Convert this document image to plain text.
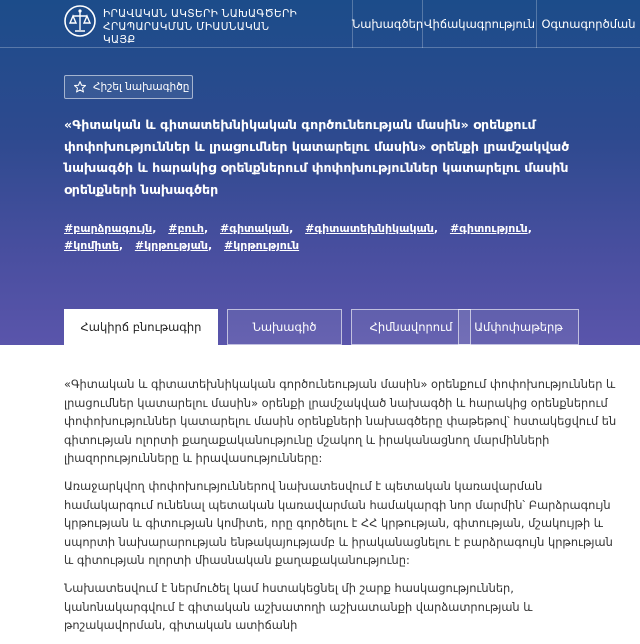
ԻՐԱՎԱԿԱՆ ԱԿՏԵՐԻ ՆԱԽԱԳԾԵՐԻ
ՀՐԱՊԱՐԱԿՄԱՆ ՄԻԱՍՆԱԿԱՆ
ԿԱՅՔ
Նախագծեր Վիճակագրություն Օգտագործման
Հիշել նախագիծը
«Գիտական և գիտատեխնիկական գործունեության մասին» օրենքում փոփոխություններ և լրացումներ կատարելու մասին» օրենքի լրամշակված նախագծի և հարակից օրենքներում փոփոխություններ կատարելու մասին օրենքների նախագծեր
#բարձրագույն, #բուհ, #գիտական, #գիտատեխնիկական, #գիտություն, #կոմիտե, #կրթության, #կրթություն
Հակիրճ բնութագիր	Նախագիծ	Հիմնավորում	Ամփոփաթերթ

«Գիտական և գիտատեխնիկական գործունեության մասին» օրենքում փոփոխություններ և լրացումներ կատարելու մասին» օրենքի լրամշակված նախագծի և հարակից օրենքներում փոփոխություններ կատարելու մասին օրենքների նախագծերը փաթեթով՝ հստակեցվում են գիտության ոլորտի քաղաքականությունը մշակող և իրականացնող մարմինների լիազորությունները և իրավասությունները:

Առաջարկվող փոփոխություններով նախատեսվում է պետական կառավարման համակարգում ունենալ պետական կառավարման համակարգի նոր մարմին՝ Բարձրագույն կրթության և գիտության կոմիտե, որը գործելու է ՀՀ կրթության, գիտության, մշակույթի և սպորտի նախարարության ենթակայությամբ և իրականացնելու է բարձրագույն կրթության և գիտության ոլորտի միասնական քաղաքականությունը:

Նախատեսվում է ներմուծել կամ հստակեցնել մի շարք հասկացություններ, կանոնակարգվում է գիտական աշխատողի աշխատանքի վարձատրության և թոշակավորման, գիտական ատիճանի
